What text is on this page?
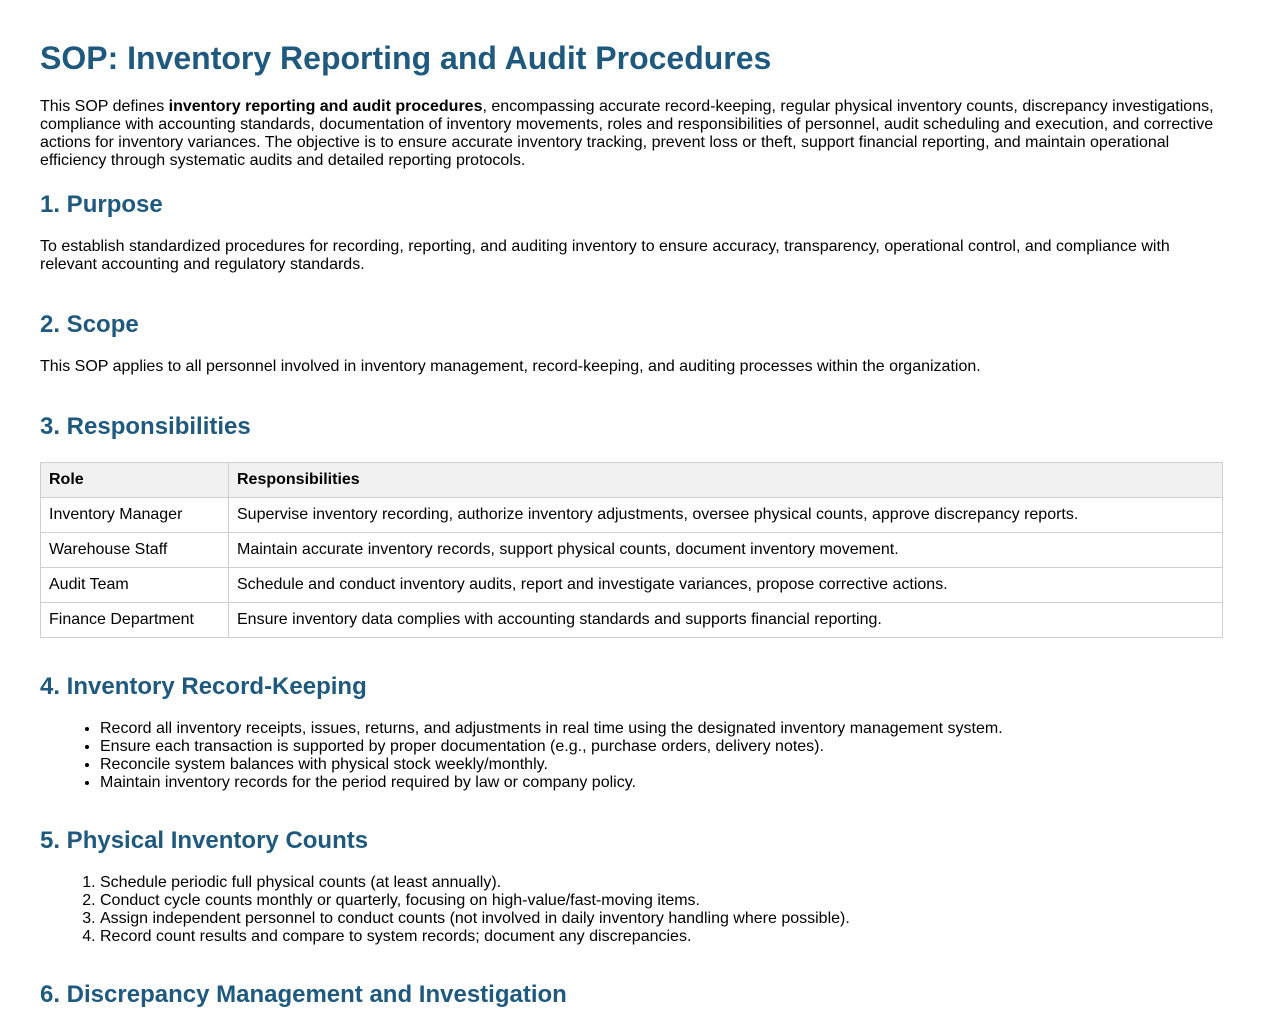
SOP: Inventory Reporting and Audit Procedures

This SOP defines inventory reporting and audit procedures, encompassing accurate record-keeping, regular physical inventory counts, discrepancy investigations, compliance with accounting standards, documentation of inventory movements, roles and responsibilities of personnel, audit scheduling and execution, and corrective actions for inventory variances. The objective is to ensure accurate inventory tracking, prevent loss or theft, support financial reporting, and maintain operational efficiency through systematic audits and detailed reporting protocols.

1. Purpose

To establish standardized procedures for recording, reporting, and auditing inventory to ensure accuracy, transparency, operational control, and compliance with relevant accounting and regulatory standards.

2. Scope

This SOP applies to all personnel involved in inventory management, record-keeping, and auditing processes within the organization.

3. Responsibilities
Role	Responsibilities
Inventory Manager	Supervise inventory recording, authorize inventory adjustments, oversee physical counts, approve discrepancy reports.
Warehouse Staff	Maintain accurate inventory records, support physical counts, document inventory movement.
Audit Team	Schedule and conduct inventory audits, report and investigate variances, propose corrective actions.
Finance Department	Ensure inventory data complies with accounting standards and supports financial reporting.
4. Inventory Record-Keeping
• Record all inventory receipts, issues, returns, and adjustments in real time using the designated inventory management system.
• Ensure each transaction is supported by proper documentation (e.g., purchase orders, delivery notes).
• Reconcile system balances with physical stock weekly/monthly.
• Maintain inventory records for the period required by law or company policy.
5. Physical Inventory Counts
1. Schedule periodic full physical counts (at least annually).
2. Conduct cycle counts monthly or quarterly, focusing on high-value/fast-moving items.
3. Assign independent personnel to conduct counts (not involved in daily inventory handling where possible).
4. Record count results and compare to system records; document any discrepancies.
6. Discrepancy Management and Investigation
